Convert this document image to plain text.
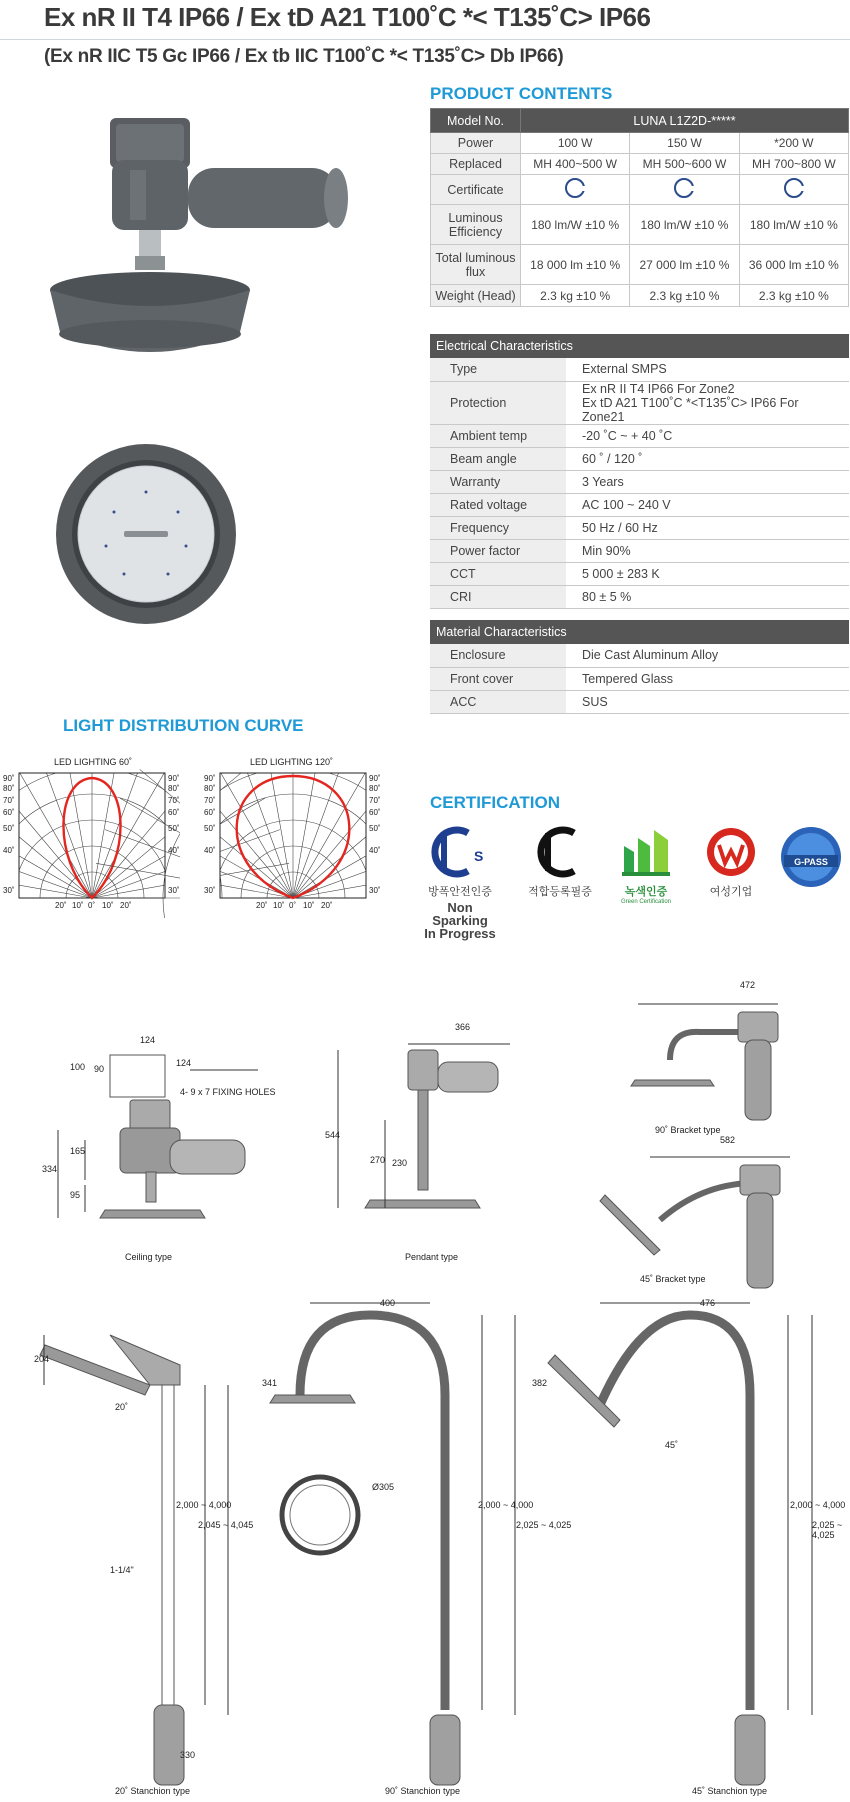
Ex nR II T4 IP66 / Ex tD A21 T100˚C *< T135˚C> IP66
(Ex nR IIC T5 Gc IP66 / Ex tb IIC T100˚C *< T135˚C> Db IP66)
PRODUCT CONTENTS
Model No.	LUNA L1Z2D-*****		
Power	100 W	150 W	*200 W
Replaced	MH 400~500 W	MH 500~600 W	MH 700~800 W
Certificate			
Luminous Efficiency	180 lm/W ±10 %	180 lm/W ±10 %	180 lm/W ±10 %
Total luminous flux	18 000 lm ±10 %	27 000 lm ±10 %	36 000 lm ±10 %
Weight (Head)	2.3 kg ±10 %	2.3 kg ±10 %	2.3 kg ±10 %
Electrical Characteristics	
Type	External SMPS
Protection	Ex nR II T4 IP66 For Zone2
Ex tD A21 T100˚C *<T135˚C> IP66 For Zone21

Ambient temp	-20 ˚C ~ + 40 ˚C
Beam angle	60 ˚ / 120 ˚
Warranty	3 Years
Rated voltage	AC 100 ~ 240 V
Frequency	50 Hz / 60 Hz
Power factor	Min 90%
CCT	5 000 ± 283 K
CRI	80 ± 5 %
Material Characteristics	
Enclosure	Die Cast Aluminum Alloy
Front cover	Tempered Glass
ACC	SUS
LIGHT DISTRIBUTION CURVE
LED LIGHTING 60˚	LED LIGHTING 120˚
90˚	90˚
80˚	80˚
70˚	70˚
60˚	60˚
50˚	50˚
40˚	40˚
30˚	30˚
20˚ 10˚ 0˚ 10˚ 20˚
90˚	90˚
80˚	80˚
70˚	70˚
60˚	60˚
50˚	50˚
40˚	40˚
30˚	30˚
20˚ 10˚ 0˚ 10˚ 20˚
CERTIFICATION
S
방폭안전인증
Non Sparking
In Progress
적합등록필증	녹색인증
Green Certification
여성기업
G-PASS
124
124
100 90
334
165
95
4- 9 x 7 FIXING HOLES
Ceiling type
366
544
270 230
Pendant type
472
90˚ Bracket type
582
45˚ Bracket type
204
20˚
2,000 ~ 4,000
2,045 ~ 4,045
1-1/4"
330
20˚ Stanchion type
400
341
2,000 ~ 4,000
2,025 ~ 4,025
Ø305
90˚ Stanchion type
476
382
45˚
2,000 ~ 4,000
2,025 ~ 4,025
45˚ Stanchion type
